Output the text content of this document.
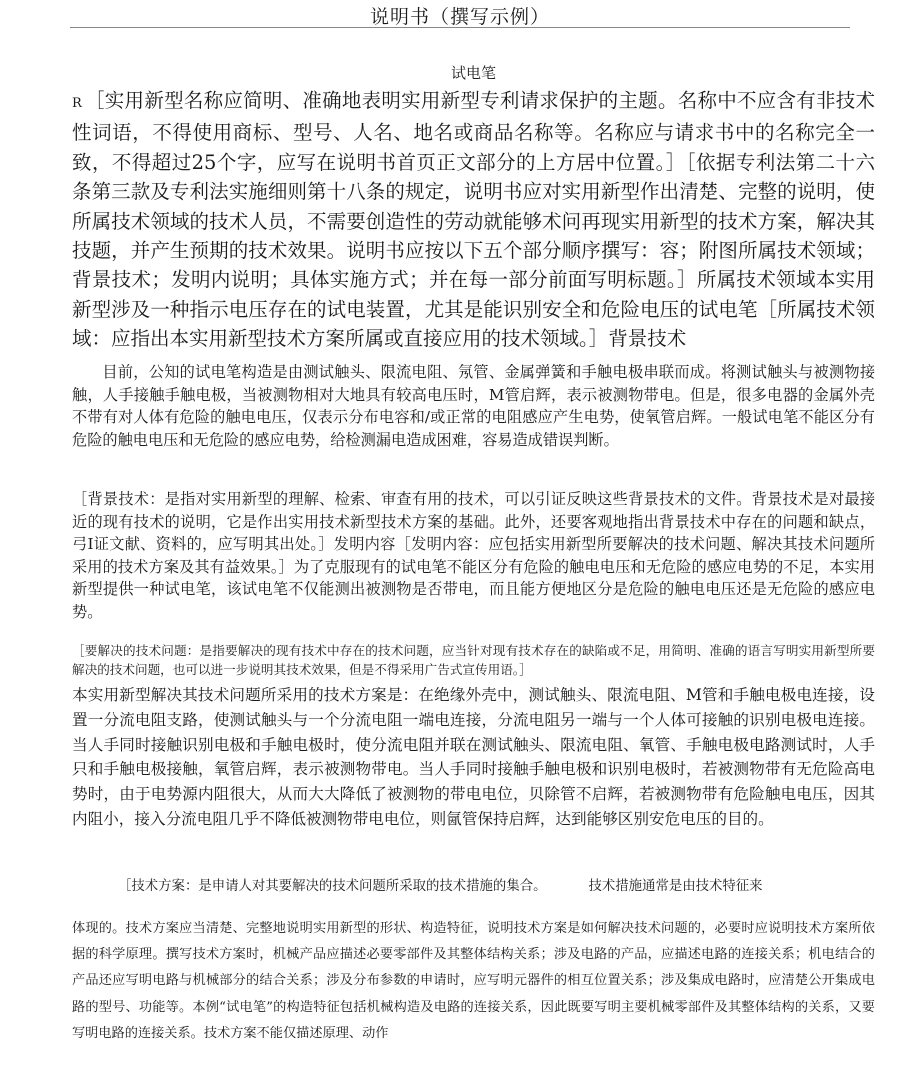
说明书（撰写示例）
试电笔
R ［实用新型名称应简明、准确地表明实用新型专利请求保护的主题。名称中不应含有非技术性词语，不得使用商标、型号、人名、地名或商品名称等。名称应与请求书中的名称完全一致，不得超过25个字，应写在说明书首页正文部分的上方居中位置。］［依据专利法第二十六条第三款及专利法实施细则第十八条的规定，说明书应对实用新型作出清楚、完整的说明，使所属技术领域的技术人员，不需要创造性的劳动就能够术问再现实用新型的技术方案，解决其技题，并产生预期的技术效果。说明书应按以下五个部分顺序撰写：容；附图所属技术领域；背景技术；发明内说明；具体实施方式；并在每一部分前面写明标题。］所属技术领域本实用新型涉及一种指示电压存在的试电装置，尤其是能识别安全和危险电压的试电笔［所属技术领域：应指出本实用新型技术方案所属或直接应用的技术领域。］背景技术
目前，公知的试电笔构造是由测试触头、限流电阻、氖管、金属弹簧和手触电极串联而成。将测试触头与被测物接触，人手接触手触电极，当被测物相对大地具有较高电压时，M管启辉，表示被测物带电。但是，很多电器的金属外壳不带有对人体有危险的触电电压，仅表示分布电容和/或正常的电阻感应产生电势，使氧管启辉。一般试电笔不能区分有危险的触电电压和无危险的感应电势，给检测漏电造成困难，容易造成错误判断。
［背景技术：是指对实用新型的理解、检索、审查有用的技术，可以引证反映这些背景技术的文件。背景技术是对最接近的现有技术的说明，它是作出实用技术新型技术方案的基础。此外，还要客观地指出背景技术中存在的问题和缺点，弓I证文献、资料的，应写明其出处。］发明内容［发明内容：应包括实用新型所要解决的技术问题、解决其技术问题所采用的技术方案及其有益效果。］为了克服现有的试电笔不能区分有危险的触电电压和无危险的感应电势的不足，本实用新型提供一种试电笔，该试电笔不仅能测出被测物是否带电，而且能方便地区分是危险的触电电压还是无危险的感应电势。
［要解决的技术问题：是指要解决的现有技术中存在的技术问题，应当针对现有技术存在的缺陷或不足，用简明、准确的语言写明实用新型所要解决的技术问题，也可以进一步说明其技术效果，但是不得采用广告式宣传用语。］
本实用新型解决其技术问题所采用的技术方案是：在绝缘外壳中，测试触头、限流电阻、M管和手触电极电连接，设置一分流电阻支路，使测试触头与一个分流电阻一端电连接，分流电阻另一端与一个人体可接触的识别电极电连接。当人手同时接触识别电极和手触电极时，使分流电阻并联在测试触头、限流电阻、氧管、手触电极电路测试时，人手只和手触电极接触，氧管启辉，表示被测物带电。当人手同时接触手触电极和识别电极时，若被测物带有无危险高电势时，由于电势源内阻很大，从而大大降低了被测物的带电电位，贝除管不启辉，若被测物带有危险触电电压，因其内阻小，接入分流电阻几乎不降低被测物带电电位，则氤管保持启辉，达到能够区别安危电压的目的。
［技术方案：是申请人对其要解决的技术问题所采取的技术措施的集合。	技术措施通常是由技术特征来
体现的。技术方案应当清楚、完整地说明实用新型的形状、构造特征，说明技术方案是如何解决技术问题的，必要时应说明技术方案所依据的科学原理。撰写技术方案时，机械产品应描述必要零部件及其整体结构关系；涉及电路的产品，应描述电路的连接关系；机电结合的产品还应写明电路与机械部分的结合关系；涉及分布参数的申请时，应写明元器件的相互位置关系；涉及集成电路时，应清楚公开集成电路的型号、功能等。本例“试电笔”的构造特征包括机械构造及电路的连接关系，因此既要写明主要机械零部件及其整体结构的关系，又要写明电路的连接关系。技术方案不能仅描述原理、动作
